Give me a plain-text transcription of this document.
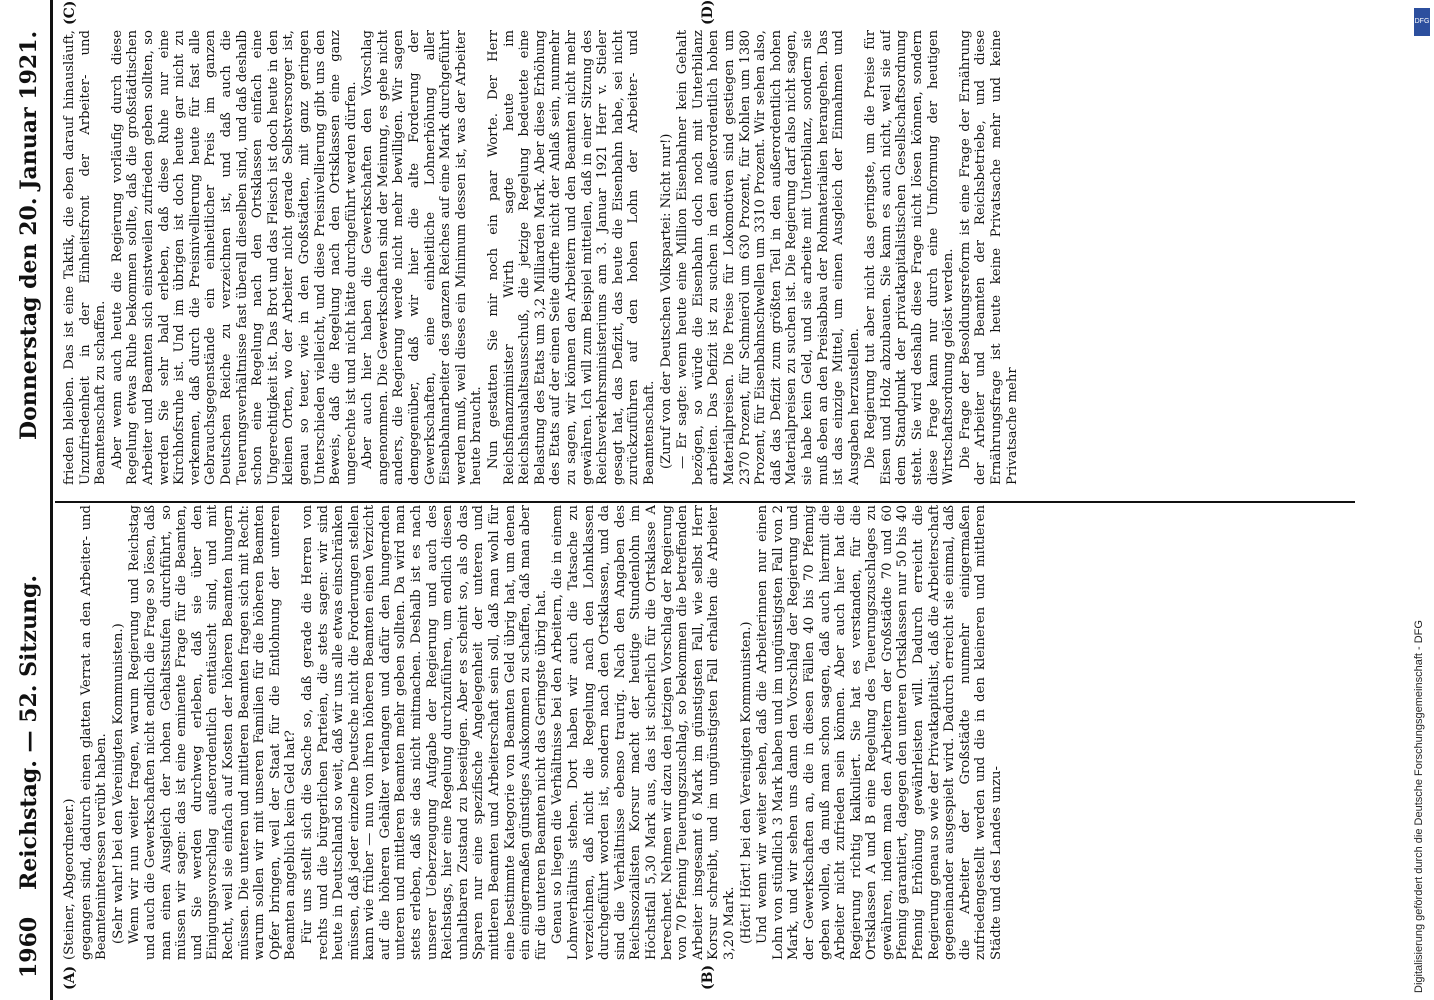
1960
Reichstag. — 52. Sitzung.
Donnerstag den 20. Januar 1921.
(A)	(B)
(C)	(D)

(Steiner, Abgeordneter.) gegangen sind, dadurch einen glatten Verrat an den Arbeiter- und Beamteninteressen verübt haben. (Sehr wahr! bei den Vereinigten Kommunisten.) Wenn wir nun weiter fragen, warum Regierung und Reichstag und auch die Gewerkschaften nicht endlich die Frage so lösen, daß man einen Ausgleich der hohen Gehaltsstufen durchführt, so müssen wir sagen: das ist eine eminente Frage für die Beamten, und Sie werden durchweg erleben, daß sie über den Einigungsvorschlag außerordentlich enttäuscht sind, und mit Recht, weil sie einfach auf Kosten der höheren Beamten hungern müssen. Die unteren und mittleren Beamten fragen sich mit Recht: warum sollen wir mit unseren Familien für die höheren Beamten Opfer bringen, weil der Staat für die Entlohnung der unteren Beamten angeblich kein Geld hat? Für uns stellt sich die Sache so, daß gerade die Herren von rechts und die bürgerlichen Parteien, die stets sagen: wir sind heute in Deutschland so weit, daß wir uns alle etwas einschränken müssen, daß jeder einzelne Deutsche nicht die Forderungen stellen kann wie früher — nun von ihren höheren Beamten einen Verzicht auf die höheren Gehälter verlangen und dafür den hungernden unteren und mittleren Beamten mehr geben sollten. Da wird man stets erleben, daß sie das nicht mitmachen. Deshalb ist es nach unserer Ueberzeugung Aufgabe der Regierung und auch des Reichstags, hier eine Regelung durchzuführen, um endlich diesen unhaltbaren Zustand zu beseitigen. Aber es scheint so, als ob das Sparen nur eine spezifische Angelegenheit der unteren und mittleren Beamten und Arbeiterschaft sein soll, daß man wohl für eine bestimmte Kategorie von Beamten Geld übrig hat, um denen ein einigermaßen günstiges Auskommen zu schaffen, daß man aber für die unteren Beamten nicht das Geringste übrig hat. Genau so liegen die Verhältnisse bei den Arbeitern, die in einem Lohnverhältnis stehen. Dort haben wir auch die Tatsache zu verzeichnen, daß nicht die Regelung nach den Lohnklassen durchgeführt worden ist, sondern nach den Ortsklassen, und da sind die Verhältnisse ebenso traurig. Nach den Angaben des Reichssozialisten Korsur macht der heutige Stundenlohn im Höchstfall 5,30 Mark aus, das ist sicherlich für die Ortsklasse A berechnet. Nehmen wir dazu den jetzigen Vorschlag der Regierung von 70 Pfennig Teuerungszuschlag, so bekommen die betreffenden Arbeiter insgesamt 6 Mark im günstigsten Fall, wie selbst Herr Korsur schreibt, und im ungünstigsten Fall erhalten die Arbeiter 3,20 Mark. (Hört! Hört! bei den Vereinigten Kommunisten.) Und wenn wir weiter sehen, daß die Arbeiterinnen nur einen Lohn von stündlich 3 Mark haben und im ungünstigsten Fall von 2 Mark, und wir sehen uns dann den Vorschlag der Regierung und der Gewerkschaften an, die in diesen Fällen 40 bis 70 Pfennig geben wollen, da muß man schon sagen, daß auch hiermit die Arbeiter nicht zufrieden sein können. Aber auch hier hat die Regierung richtig kalkuliert. Sie hat es verstanden, für die Ortsklassen A und B eine Regelung des Teuerungszuschlages zu gewähren, indem man den Arbeitern der Großstädte 70 und 60 Pfennig garantiert, dagegen den unteren Ortsklassen nur 50 bis 40 Pfennig Erhöhung gewährleisten will. Dadurch erreicht die Regierung genau so wie der Privatkapitalist, daß die Arbeiterschaft gegeneinander ausgespielt wird. Dadurch erreicht sie einmal, daß die Arbeiter der Großstädte nunmehr einigermaßen zufriedengestellt werden und die in den kleineren und mittleren Städte und des Landes unzu-

frieden bleiben. Das ist eine Taktik, die eben darauf hinausläuft, Unzufriedenheit in der Einheitsfront der Arbeiter- und Beamtenschaft zu schaffen. Aber wenn auch heute die Regierung vorläufig durch diese Regelung etwas Ruhe bekommen sollte, daß die großstädtischen Arbeiter und Beamten sich einstweilen zufrieden geben sollten, so werden Sie sehr bald erleben, daß diese Ruhe nur eine Kirchhofsruhe ist. Und im übrigen ist doch heute gar nicht zu verkennen, daß durch die Preisnivellierung heute für fast alle Gebrauchsgegenstände ein einheitlicher Preis im ganzen Deutschen Reiche zu verzeichnen ist, und daß auch die Teuerungsverhältnisse fast überall dieselben sind, und daß deshalb schon eine Regelung nach den Ortsklassen einfach eine Ungerechtigkeit ist. Das Brot und das Fleisch ist doch heute in den kleinen Orten, wo der Arbeiter nicht gerade Selbstversorger ist, genau so teuer, wie in den Großstädten, mit ganz geringen Unterschieden vielleicht, und diese Preisnivellierung gibt uns den Beweis, daß die Regelung nach den Ortsklassen eine ganz ungerechte ist und nicht hätte durchgeführt werden dürfen. Aber auch hier haben die Gewerkschaften den Vorschlag angenommen. Die Gewerkschaften sind der Meinung, es gehe nicht anders, die Regierung werde nicht mehr bewilligen. Wir sagen demgegenüber, daß wir hier die alte Forderung der Gewerkschaften, eine einheitliche Lohnerhöhung aller Eisenbahnarbeiter des ganzen Reiches auf eine Mark durchgeführt werden muß, weil dieses ein Minimum dessen ist, was der Arbeiter heute braucht. Nun gestatten Sie mir noch ein paar Worte. Der Herr Reichsfinanzminister Wirth sagte heute im Reichshaushaltsausschuß, die jetzige Regelung bedeutete eine Belastung des Etats um 3,2 Milliarden Mark. Aber diese Erhöhung des Etats auf der einen Seite dürfte nicht der Anlaß sein, nunmehr zu sagen, wir können den Arbeitern und den Beamten nicht mehr gewähren. Ich will zum Beispiel mitteilen, daß in einer Sitzung des Reichsverkehrsministeriums am 3. Januar 1921 Herr v. Stieler gesagt hat, das Defizit, das heute die Eisenbahn habe, sei nicht zurückzuführen auf den hohen Lohn der Arbeiter- und Beamtenschaft. (Zuruf von der Deutschen Volkspartei: Nicht nur!) — Er sagte: wenn heute eine Million Eisenbahner kein Gehalt bezögen, so würde die Eisenbahn doch noch mit Unterbilanz arbeiten. Das Defizit ist zu suchen in den außerordentlich hohen Materialpreisen. Die Preise für Lokomotiven sind gestiegen um 2370 Prozent, für Schmieröl um 630 Prozent, für Kohlen um 1380 Prozent, für Eisenbahnschwellen um 3310 Prozent. Wir sehen also, daß das Defizit zum größten Teil in den außerordentlich hohen Materialpreisen zu suchen ist. Die Regierung darf also nicht sagen, sie habe kein Geld, und sie arbeite mit Unterbilanz, sondern sie muß eben an den Preisabbau der Rohmaterialien herangehen. Das ist das einzige Mittel, um einen Ausgleich der Einnahmen und Ausgaben herzustellen. Die Regierung tut aber nicht das geringste, um die Preise für Eisen und Holz abzubauen. Sie kann es auch nicht, weil sie auf dem Standpunkt der privatkapitalistischen Gesellschaftsordnung steht. Sie wird deshalb diese Frage nicht lösen können, sondern diese Frage kann nur durch eine Umformung der heutigen Wirtschaftsordnung gelöst werden. Die Frage der Besoldungsreform ist eine Frage der Ernährung der Arbeiter und Beamten der Reichsbetriebe, und diese Ernährungsfrage ist heute keine Privatsache mehr und keine Privatsache mehr

Digitalisierung gefördert durch die Deutsche Forschungsgemeinschaft - DFG
DFG
